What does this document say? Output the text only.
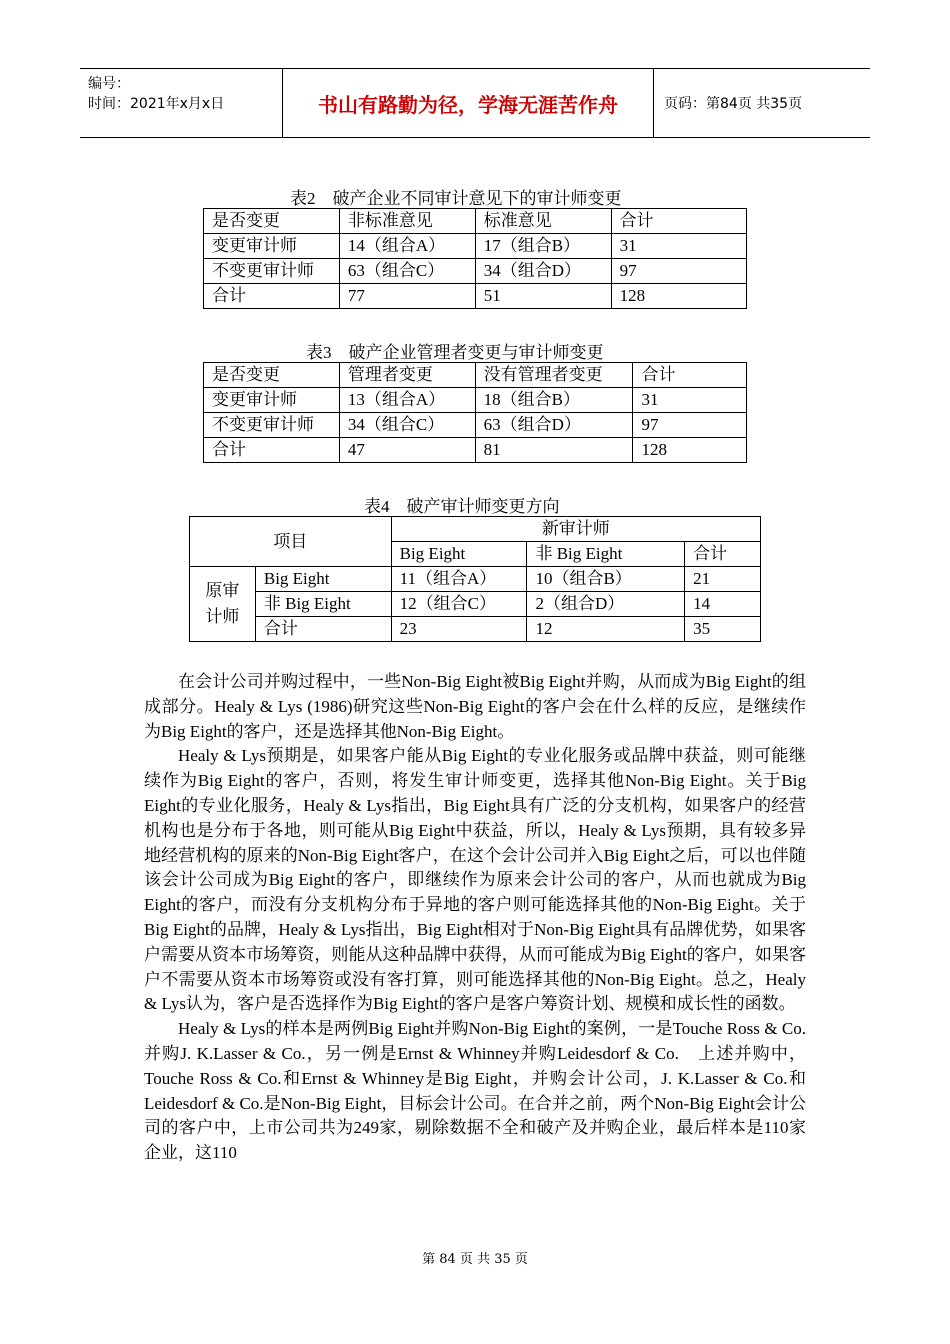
编号：
时间：2021年x月x日	书山有路勤为径，学海无涯苦作舟	页码：第84页 共35页
表2　破产企业不同审计意见下的审计师变更
是否变更	非标准意见	标准意见	合计
变更审计师	14（组合A）	17（组合B）	31
不变更审计师	63（组合C）	34（组合D）	97
合计	77	51	128
表3　破产企业管理者变更与审计师变更
是否变更	管理者变更	没有管理者变更	合计
变更审计师	13（组合A）	18（组合B）	31
不变更审计师	34（组合C）	63（组合D）	97
合计	47	81	128
表4　破产审计师变更方向
项目		新审计师		
		Big Eight	非 Big Eight	合计
原审计师	Big Eight	11（组合A）	10（组合B）	21
	非 Big Eight	12（组合C）	2（组合D）	14
	合计	23	12	35

在会计公司并购过程中，一些Non-Big Eight被Big Eight并购，从而成为Big Eight的组成部分。Healy & Lys (1986)研究这些Non-Big Eight的客户会在什么样的反应，是继续作为Big Eight的客户，还是选择其他Non-Big Eight。

Healy & Lys预期是，如果客户能从Big Eight的专业化服务或品牌中获益，则可能继续作为Big Eight的客户，否则，将发生审计师变更，选择其他Non-Big Eight。关于Big Eight的专业化服务，Healy & Lys指出，Big Eight具有广泛的分支机构，如果客户的经营机构也是分布于各地，则可能从Big Eight中获益，所以，Healy & Lys预期，具有较多异地经营机构的原来的Non-Big Eight客户，在这个会计公司并入Big Eight之后，可以也伴随该会计公司成为Big Eight的客户，即继续作为原来会计公司的客户，从而也就成为Big Eight的客户，而没有分支机构分布于异地的客户则可能选择其他的Non-Big Eight。关于Big Eight的品牌，Healy & Lys指出，Big Eight相对于Non-Big Eight具有品牌优势，如果客户需要从资本市场筹资，则能从这种品牌中获得，从而可能成为Big Eight的客户，如果客户不需要从资本市场筹资或没有客打算，则可能选择其他的Non-Big Eight。总之，Healy & Lys认为，客户是否选择作为Big Eight的客户是客户筹资计划、规模和成长性的函数。

Healy & Lys的样本是两例Big Eight并购Non-Big Eight的案例，一是Touche Ross & Co.并购J. K.Lasser & Co.，另一例是Ernst & Whinney并购Leidesdorf & Co.　上述并购中，Touche Ross & Co.和Ernst & Whinney是Big Eight，并购会计公司，J. K.Lasser & Co.和Leidesdorf & Co.是Non-Big Eight，目标会计公司。在合并之前，两个Non-Big Eight会计公司的客户中，上市公司共为249家，剔除数据不全和破产及并购企业，最后样本是110家企业，这110

第 84 页 共 35 页
